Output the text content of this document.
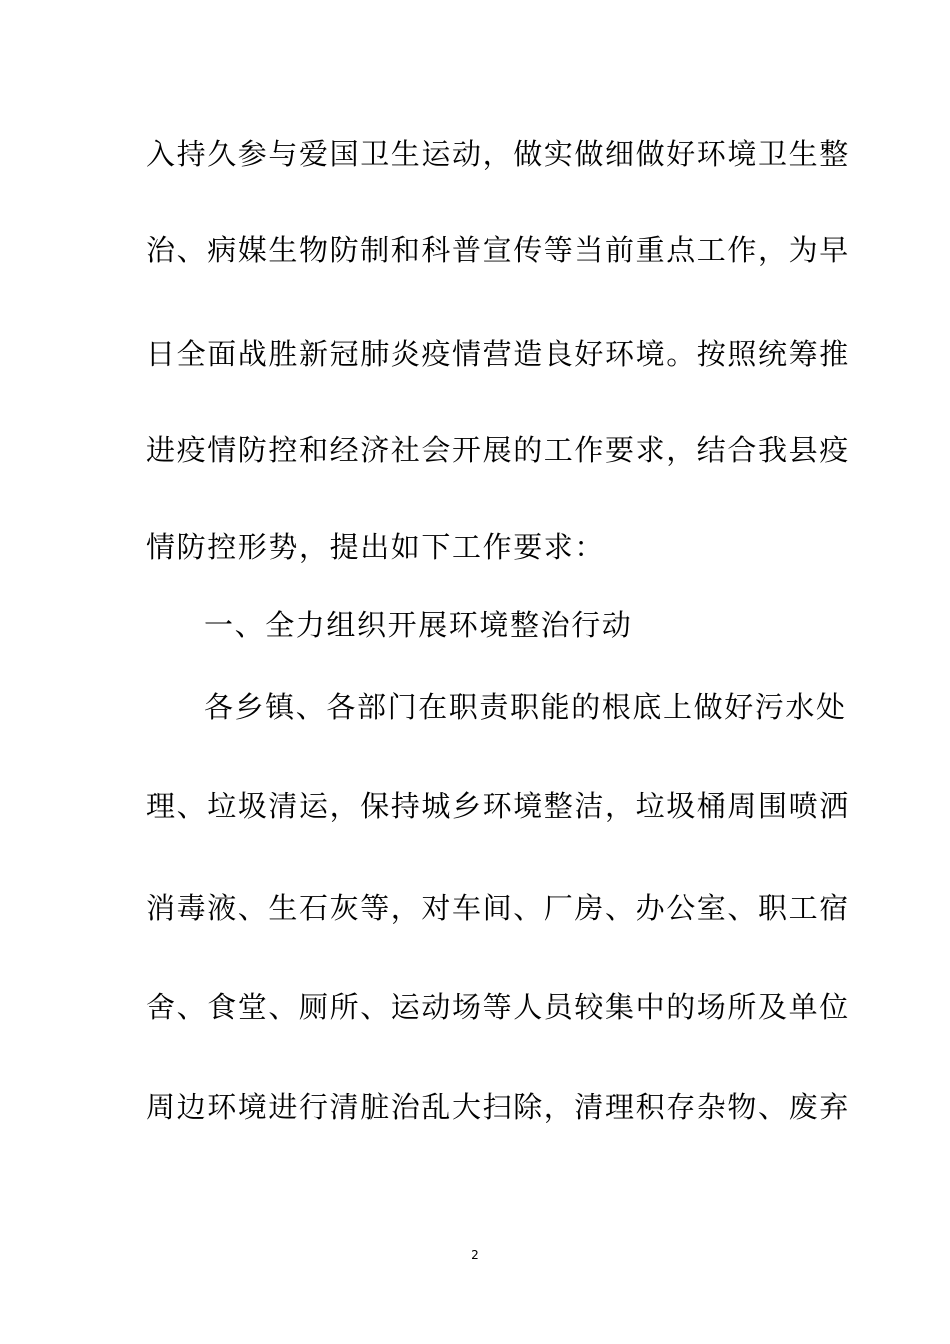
入持久参与爱国卫生运动，做实做细做好环境卫生整
治、病媒生物防制和科普宣传等当前重点工作，为早
日全面战胜新冠肺炎疫情营造良好环境。按照统筹推
进疫情防控和经济社会开展的工作要求，结合我县疫
情防控形势，提出如下工作要求：
一、全力组织开展环境整治行动
各乡镇、各部门在职责职能的根底上做好污水处
理、垃圾清运，保持城乡环境整洁，垃圾桶周围喷洒
消毒液、生石灰等，对车间、厂房、办公室、职工宿
舍、食堂、厕所、运动场等人员较集中的场所及单位
周边环境进行清脏治乱大扫除，清理积存杂物、废弃
2
